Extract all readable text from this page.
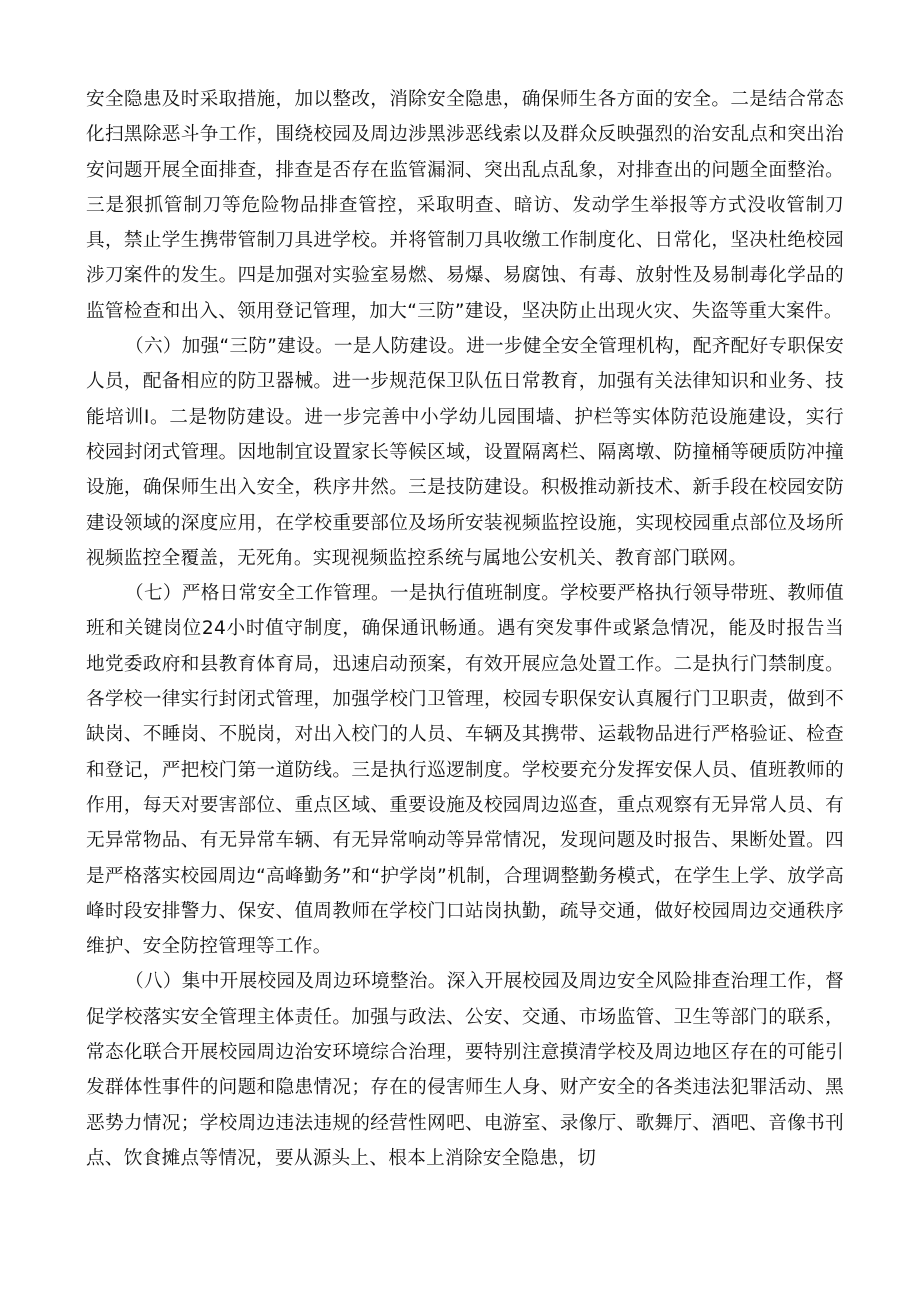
安全隐患及时采取措施，加以整改，消除安全隐患，确保师生各方面的安全。二是结合常态化扫黑除恶斗争工作，围绕校园及周边涉黑涉恶线索以及群众反映强烈的治安乱点和突出治安问题开展全面排查，排查是否存在监管漏洞、突出乱点乱象，对排查出的问题全面整治。三是狠抓管制刀等危险物品排查管控，采取明查、暗访、发动学生举报等方式没收管制刀具，禁止学生携带管制刀具进学校。并将管制刀具收缴工作制度化、日常化，坚决杜绝校园涉刀案件的发生。四是加强对实验室易燃、易爆、易腐蚀、有毒、放射性及易制毒化学品的监管检查和出入、领用登记管理，加大“三防”建设，坚决防止出现火灾、失盗等重大案件。

（六）加强“三防”建设。一是人防建设。进一步健全安全管理机构，配齐配好专职保安人员，配备相应的防卫器械。进一步规范保卫队伍日常教育，加强有关法律知识和业务、技能培训I。二是物防建设。进一步完善中小学幼儿园围墙、护栏等实体防范设施建设，实行校园封闭式管理。因地制宜设置家长等候区域，设置隔离栏、隔离墩、防撞桶等硬质防冲撞设施，确保师生出入安全，秩序井然。三是技防建设。积极推动新技术、新手段在校园安防建设领域的深度应用，在学校重要部位及场所安装视频监控设施，实现校园重点部位及场所视频监控全覆盖，无死角。实现视频监控系统与属地公安机关、教育部门联网。

（七）严格日常安全工作管理。一是执行值班制度。学校要严格执行领导带班、教师值班和关键岗位24小时值守制度，确保通讯畅通。遇有突发事件或紧急情况，能及时报告当地党委政府和县教育体育局，迅速启动预案，有效开展应急处置工作。二是执行门禁制度。各学校一律实行封闭式管理，加强学校门卫管理，校园专职保安认真履行门卫职责，做到不缺岗、不睡岗、不脱岗，对出入校门的人员、车辆及其携带、运载物品进行严格验证、检查和登记，严把校门第一道防线。三是执行巡逻制度。学校要充分发挥安保人员、值班教师的作用，每天对要害部位、重点区域、重要设施及校园周边巡查，重点观察有无异常人员、有无异常物品、有无异常车辆、有无异常响动等异常情况，发现问题及时报告、果断处置。四是严格落实校园周边“高峰勤务”和“护学岗”机制，合理调整勤务模式，在学生上学、放学高峰时段安排警力、保安、值周教师在学校门口站岗执勤，疏导交通，做好校园周边交通秩序维护、安全防控管理等工作。

（八）集中开展校园及周边环境整治。深入开展校园及周边安全风险排查治理工作，督促学校落实安全管理主体责任。加强与政法、公安、交通、市场监管、卫生等部门的联系，常态化联合开展校园周边治安环境综合治理，要特别注意摸清学校及周边地区存在的可能引发群体性事件的问题和隐患情况；存在的侵害师生人身、财产安全的各类违法犯罪活动、黑恶势力情况；学校周边违法违规的经营性网吧、电游室、录像厅、歌舞厅、酒吧、音像书刊点、饮食摊点等情况，要从源头上、根本上消除安全隐患，切
